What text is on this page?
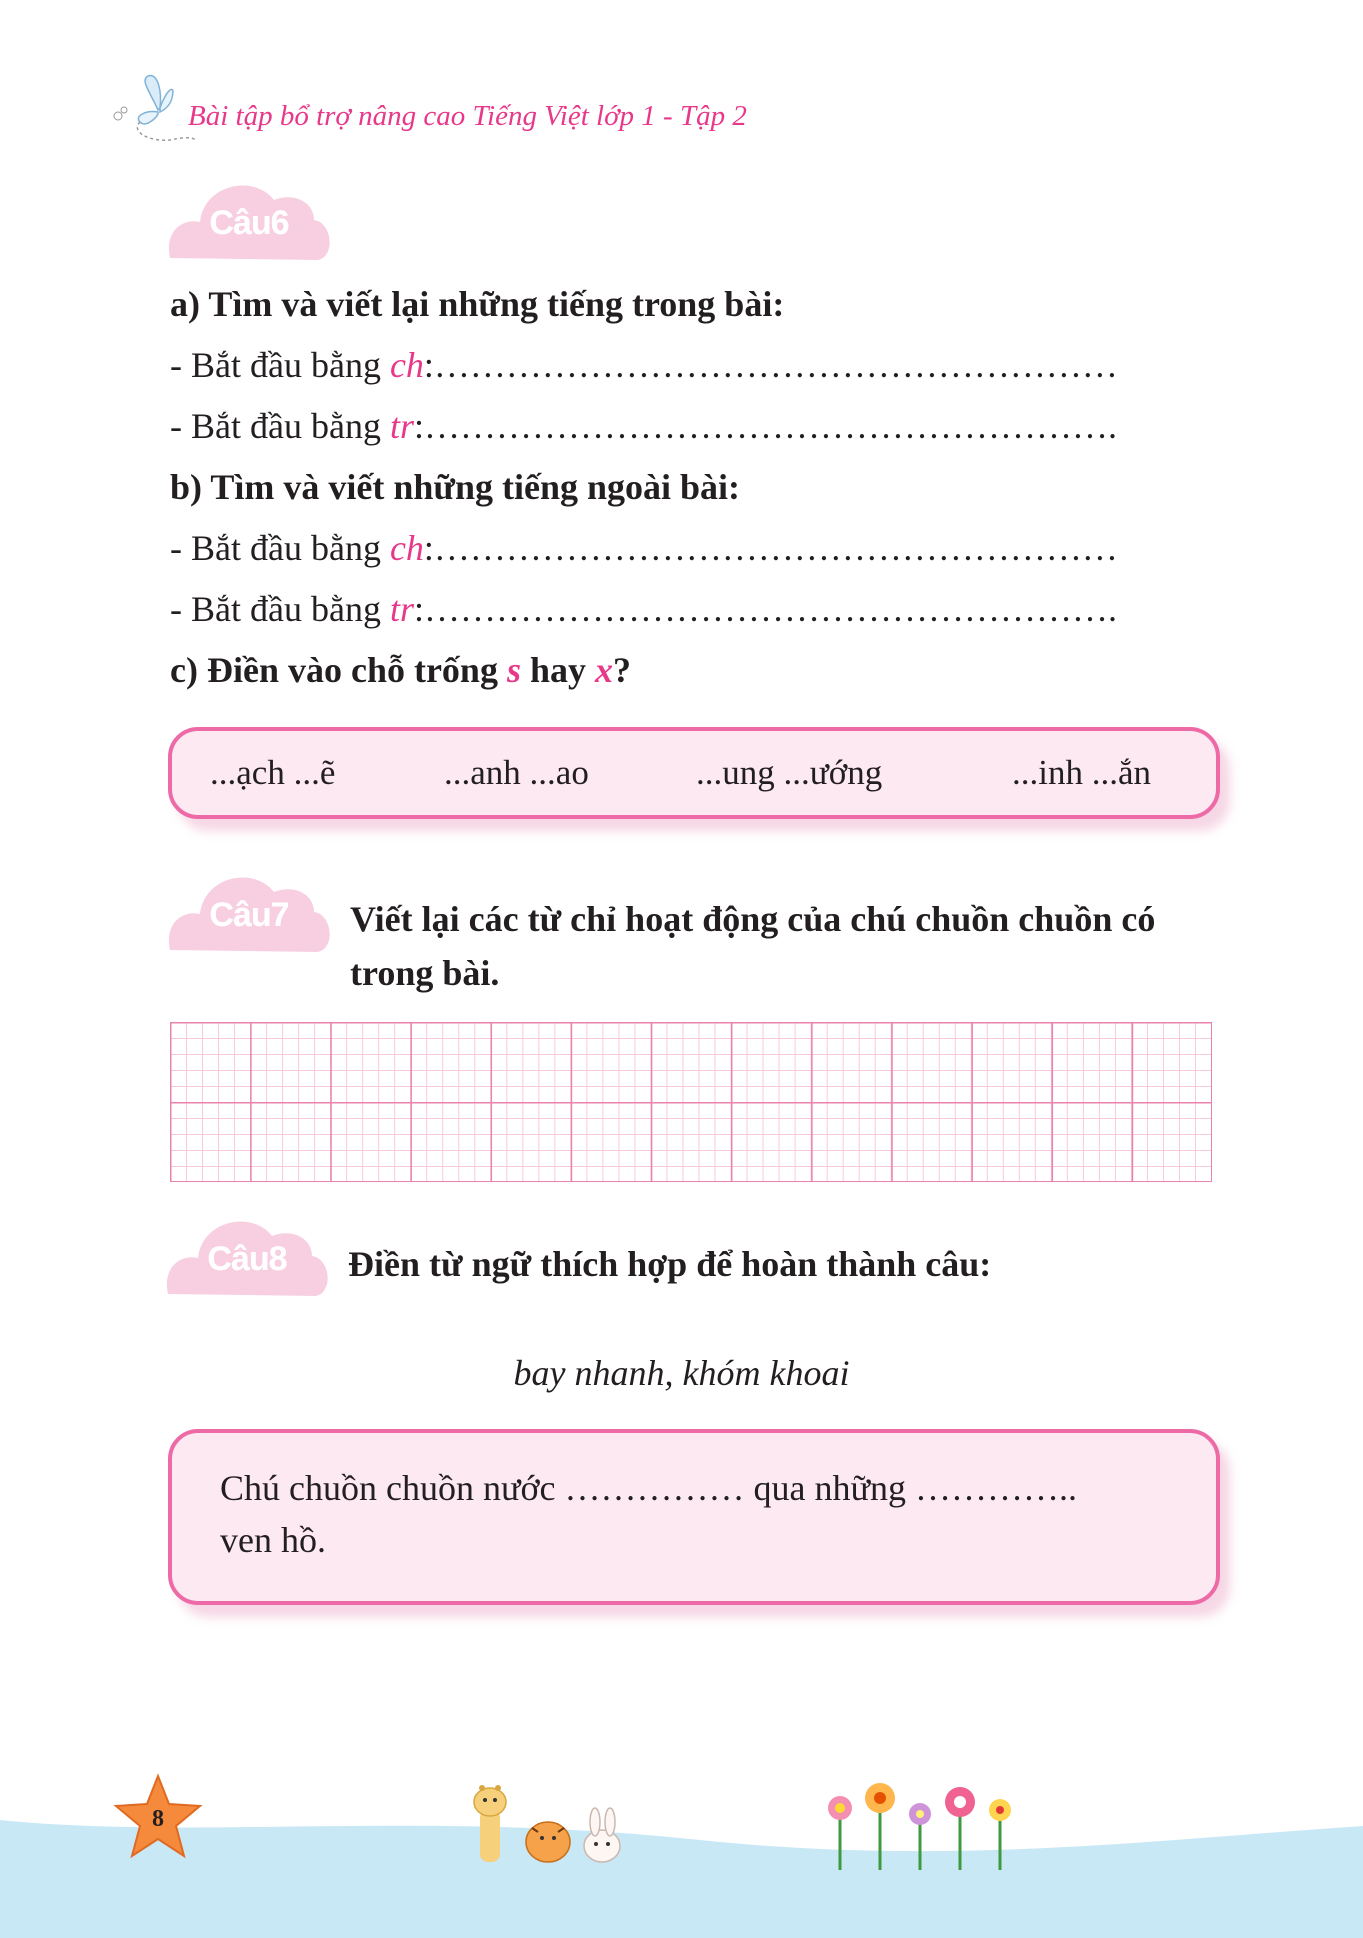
Bài tập bổ trợ nâng cao Tiếng Việt lớp 1 - Tập 2
Câu6
a) Tìm và viết lại những tiếng trong bài:
- Bắt đầu bằng ch:…………………………………………………
- Bắt đầu bằng tr:………………………………………………….
b) Tìm và viết những tiếng ngoài bài:
- Bắt đầu bằng ch:…………………………………………………
- Bắt đầu bằng tr:………………………………………………….
c) Điền vào chỗ trống s hay x?
...ạch ...ẽ	...anh ...ao	...ung ...ướng	...inh ...ắn
Câu7	Viết lại các từ chỉ hoạt động của chú chuồn chuồn có
trong bài.
Câu8	Điền từ ngữ thích hợp để hoàn thành câu:
bay nhanh, khóm khoai
Chú chuồn chuồn nước …………… qua những …………..
ven hồ.
8
